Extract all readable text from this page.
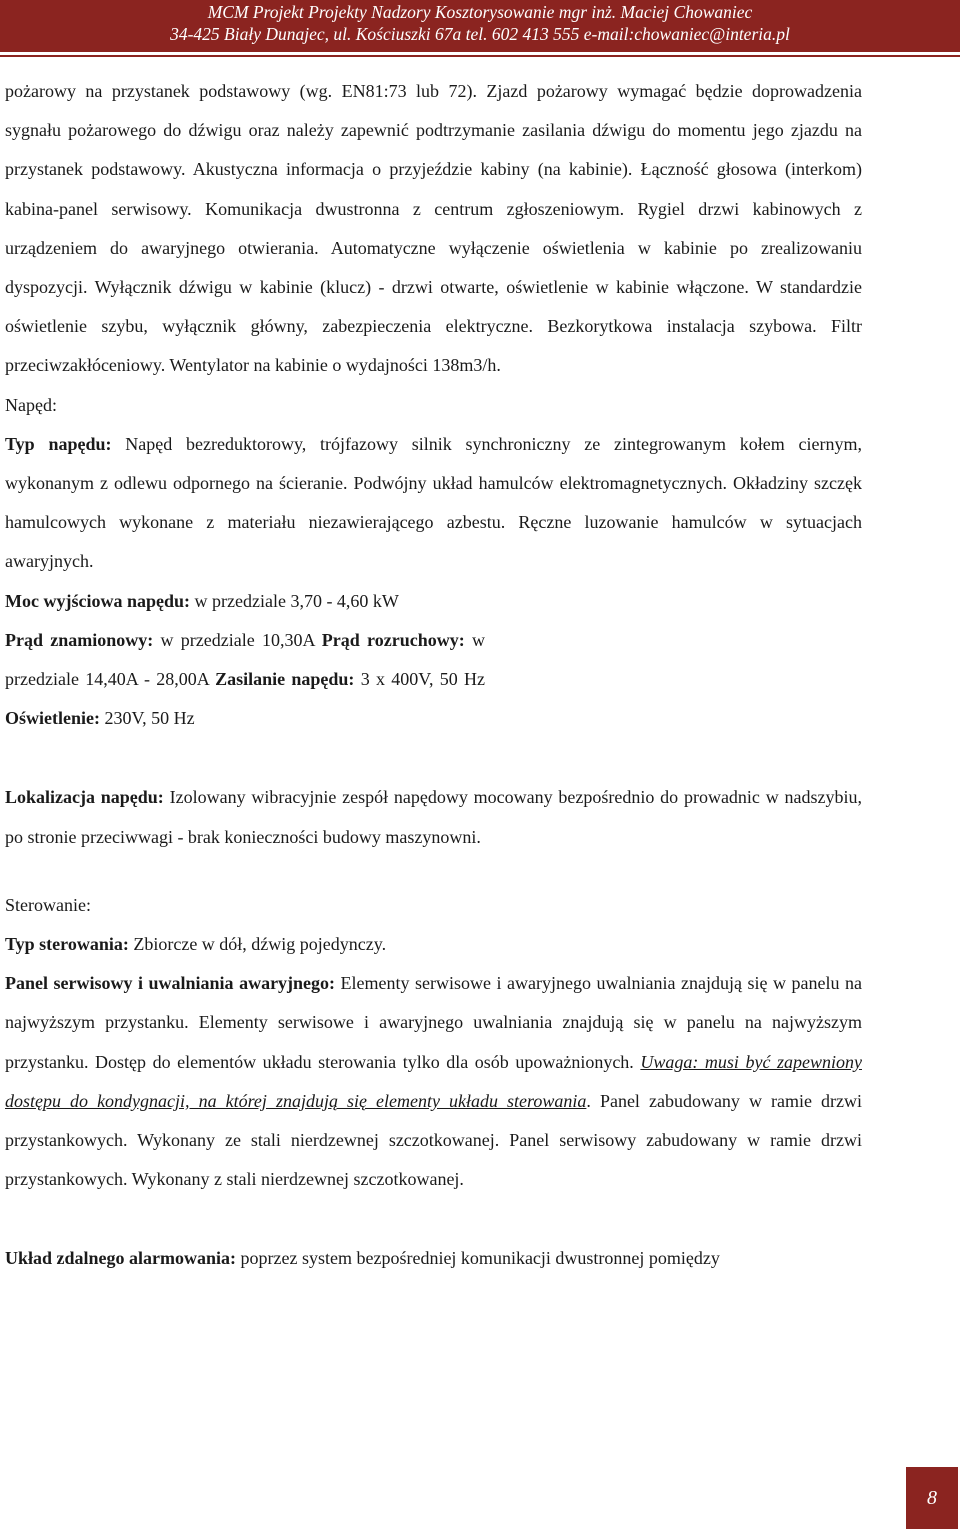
MCM Projekt Projekty Nadzory Kosztorysowanie mgr inż. Maciej Chowaniec
34-425 Biały Dunajec, ul. Kościuszki 67a tel. 602 413 555 e-mail:chowaniec@interia.pl

pożarowy na przystanek podstawowy (wg. EN81:73 lub 72). Zjazd pożarowy wymagać będzie doprowadzenia sygnału pożarowego do dźwigu oraz należy zapewnić podtrzymanie zasilania dźwigu do momentu jego zjazdu na przystanek podstawowy. Akustyczna informacja o przyjeździe kabiny (na kabinie). Łączność głosowa (interkom) kabina-panel serwisowy. Komunikacja dwustronna z centrum zgłoszeniowym. Rygiel drzwi kabinowych z urządzeniem do awaryjnego otwierania. Automatyczne wyłączenie oświetlenia w kabinie po zrealizowaniu dyspozycji. Wyłącznik dźwigu w kabinie (klucz) - drzwi otwarte, oświetlenie w kabinie włączone. W standardzie oświetlenie szybu, wyłącznik główny, zabezpieczenia elektryczne. Bezkorytkowa instalacja szybowa. Filtr przeciwzakłóceniowy. Wentylator na kabinie o wydajności 138m3/h.

Napęd:

Typ napędu: Napęd bezreduktorowy, trójfazowy silnik synchroniczny ze zintegrowanym kołem ciernym, wykonanym z odlewu odpornego na ścieranie. Podwójny układ hamulców elektromagnetycznych. Okładziny szczęk hamulcowych wykonane z materiału niezawierającego azbestu. Ręczne luzowanie hamulców w sytuacjach awaryjnych.

Moc wyjściowa napędu: w przedziale 3,70 - 4,60 kW

Prąd znamionowy: w przedziale 10,30A Prąd rozruchowy: w przedziale 14,40A - 28,00A Zasilanie napędu: 3 x 400V, 50 Hz Oświetlenie: 230V, 50 Hz

Lokalizacja napędu: Izolowany wibracyjnie zespół napędowy mocowany bezpośrednio do prowadnic w nadszybiu, po stronie przeciwwagi - brak konieczności budowy maszynowni.

Sterowanie:

Typ sterowania: Zbiorcze w dół, dźwig pojedynczy.

Panel serwisowy i uwalniania awaryjnego: Elementy serwisowe i awaryjnego uwalniania znajdują się w panelu na najwyższym przystanku. Elementy serwisowe i awaryjnego uwalniania znajdują się w panelu na najwyższym przystanku. Dostęp do elementów układu sterowania tylko dla osób upoważnionych. Uwaga: musi być zapewniony dostępu do kondygnacji, na której znajdują się elementy układu sterowania. Panel zabudowany w ramie drzwi przystankowych. Wykonany ze stali nierdzewnej szczotkowanej. Panel serwisowy zabudowany w ramie drzwi przystankowych. Wykonany z stali nierdzewnej szczotkowanej.

Układ zdalnego alarmowania: poprzez system bezpośredniej komunikacji dwustronnej pomiędzy

8
